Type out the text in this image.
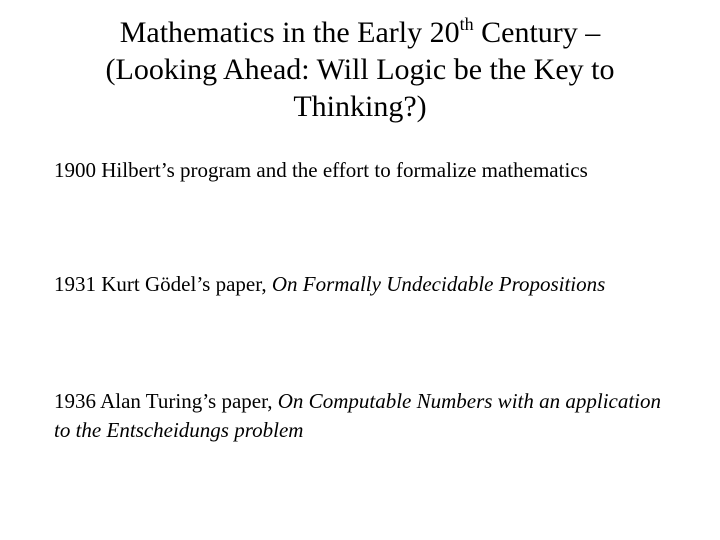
Mathematics in the Early 20th Century –
(Looking Ahead: Will Logic be the Key to
Thinking?)

1900 Hilbert’s program and the effort to formalize mathematics

1931 Kurt Gödel’s paper, On Formally Undecidable Propositions

1936 Alan Turing’s paper, On Computable Numbers with an application to the Entscheidungs problem
